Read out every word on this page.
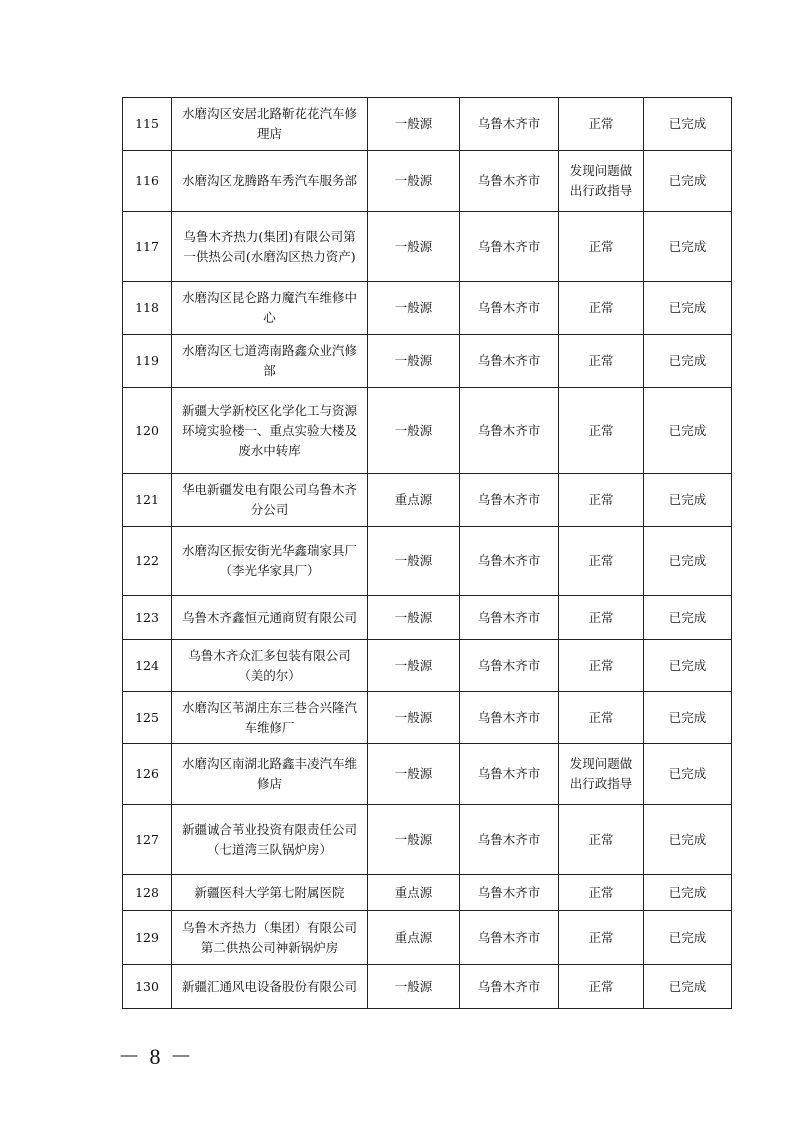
115	水磨沟区安居北路靳花花汽车修理店	一般源	乌鲁木齐市	正常	已完成
116	水磨沟区龙腾路车秀汽车服务部	一般源	乌鲁木齐市	发现问题做出行政指导	已完成
117	乌鲁木齐热力(集团)有限公司第一供热公司(水磨沟区热力资产)	一般源	乌鲁木齐市	正常	已完成
118	水磨沟区昆仑路力魔汽车维修中心	一般源	乌鲁木齐市	正常	已完成
119	水磨沟区七道湾南路鑫众业汽修部	一般源	乌鲁木齐市	正常	已完成
120	新疆大学新校区化学化工与资源环境实验楼一、重点实验大楼及废水中转库	一般源	乌鲁木齐市	正常	已完成
121	华电新疆发电有限公司乌鲁木齐分公司	重点源	乌鲁木齐市	正常	已完成
122	水磨沟区振安街光华鑫瑞家具厂（李光华家具厂）	一般源	乌鲁木齐市	正常	已完成
123	乌鲁木齐鑫恒元通商贸有限公司	一般源	乌鲁木齐市	正常	已完成
124	乌鲁木齐众汇多包装有限公司（美的尔）	一般源	乌鲁木齐市	正常	已完成
125	水磨沟区苇湖庄东三巷合兴隆汽车维修厂	一般源	乌鲁木齐市	正常	已完成
126	水磨沟区南湖北路鑫丰凌汽车维修店	一般源	乌鲁木齐市	发现问题做出行政指导	已完成
127	新疆诚合苇业投资有限责任公司（七道湾三队锅炉房）	一般源	乌鲁木齐市	正常	已完成
128	新疆医科大学第七附属医院	重点源	乌鲁木齐市	正常	已完成
129	乌鲁木齐热力（集团）有限公司第二供热公司神新锅炉房	重点源	乌鲁木齐市	正常	已完成
130	新疆汇通风电设备股份有限公司	一般源	乌鲁木齐市	正常	已完成
－ 8 －
